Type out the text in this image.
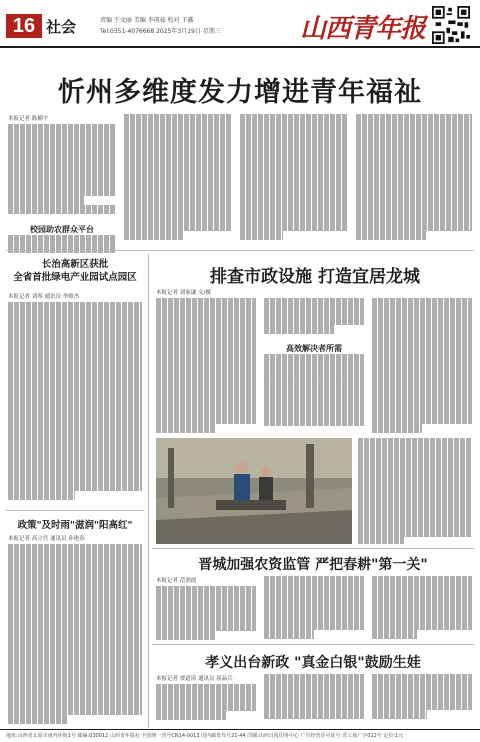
16 社会	责编 王文丽 美编 李瑛茹 校对 王鑫
Tel:0351-4076668 2025年3月19日 星期三	山西青年报
忻州多维度发力增进青年福祉
本报记者 陈楠宇
校园助农群众平台
长治高新区获批
全省首批绿电产业园试点园区
本报记者 刘琴 通讯员 李维杰
政策"及时雨"滋润"阳高红"
本报记者 高立宫 通讯员 孙艳春
排查市政设施 打造宜居龙城
本报记者 刘家谦 文/摄
高效解决者所需
晋城加强农资监管 严把春耕"第一关"
本报记者 范润霞
孝义出台新政 "真金白银"鼓励生娃
本报记者 贾道琦 通讯员 屈晶兵
地址:山西省太原市南内环街1号 邮编:030012 山西青年报社 全国统一刊号CN14-0013 国内邮发代号21-44 印刷:山西日报印务中心 广告经营许可证号:晋工商广字012号 定价:1元
